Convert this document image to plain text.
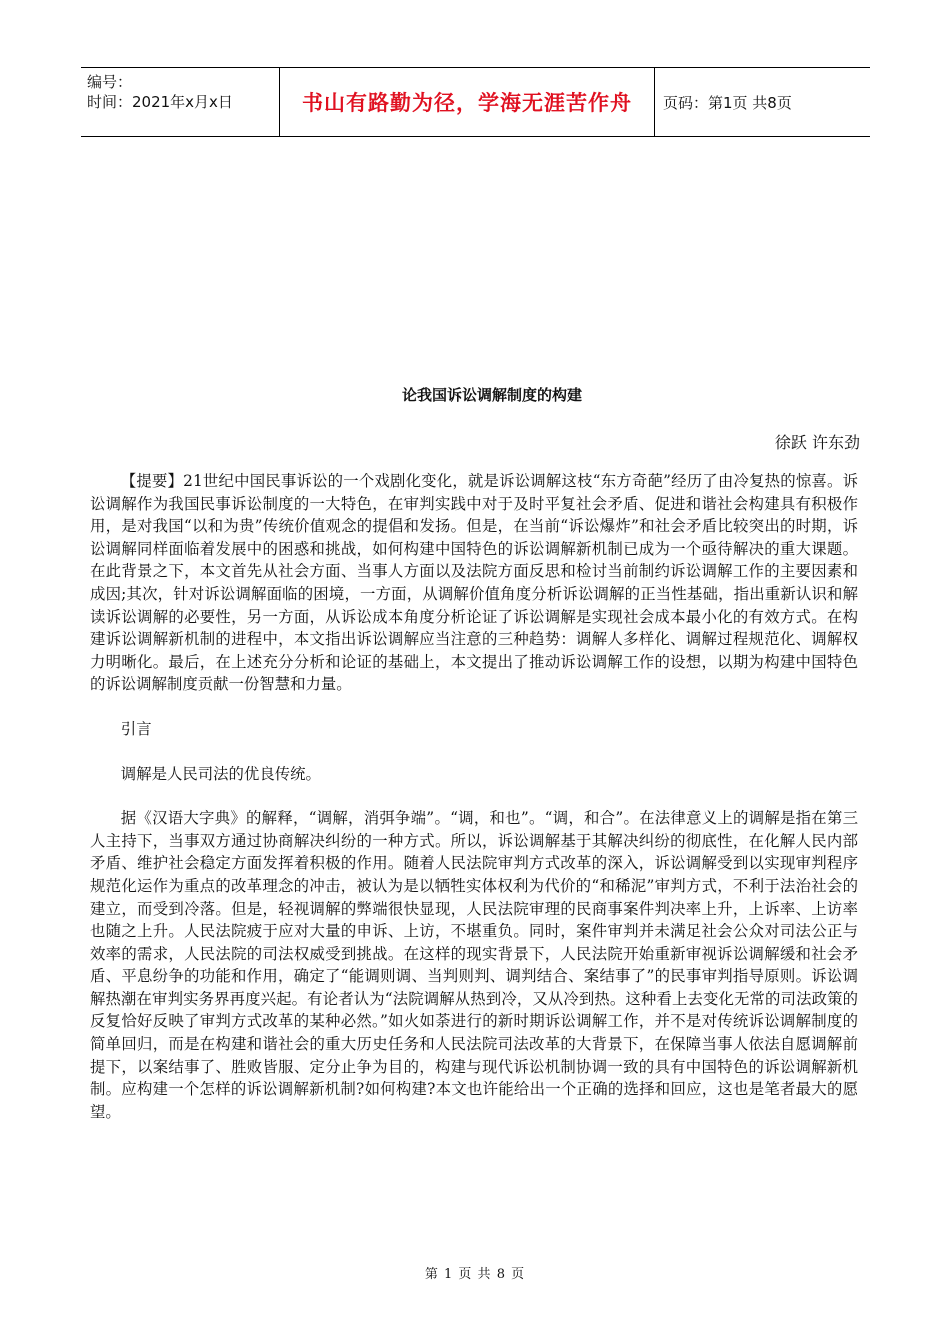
编号：
时间：2021年x月x日	书山有路勤为径，学海无涯苦作舟	页码：第1页 共8页
论我国诉讼调解制度的构建
徐跃 许东劲

【提要】21世纪中国民事诉讼的一个戏剧化变化，就是诉讼调解这枝“东方奇葩”经历了由冷复热的惊喜。诉讼调解作为我国民事诉讼制度的一大特色，在审判实践中对于及时平复社会矛盾、促进和谐社会构建具有积极作用，是对我国“以和为贵”传统价值观念的提倡和发扬。但是，在当前“诉讼爆炸”和社会矛盾比较突出的时期，诉讼调解同样面临着发展中的困惑和挑战，如何构建中国特色的诉讼调解新机制已成为一个亟待解决的重大课题。在此背景之下，本文首先从社会方面、当事人方面以及法院方面反思和检讨当前制约诉讼调解工作的主要因素和成因;其次，针对诉讼调解面临的困境，一方面，从调解价值角度分析诉讼调解的正当性基础，指出重新认识和解读诉讼调解的必要性，另一方面，从诉讼成本角度分析论证了诉讼调解是实现社会成本最小化的有效方式。在构建诉讼调解新机制的进程中，本文指出诉讼调解应当注意的三种趋势：调解人多样化、调解过程规范化、调解权力明晰化。最后，在上述充分分析和论证的基础上，本文提出了推动诉讼调解工作的设想，以期为构建中国特色的诉讼调解制度贡献一份智慧和力量。

引言

调解是人民司法的优良传统。

据《汉语大字典》的解释，“调解，消弭争端”。“调，和也”。“调，和合”。在法律意义上的调解是指在第三人主持下，当事双方通过协商解决纠纷的一种方式。所以，诉讼调解基于其解决纠纷的彻底性，在化解人民内部矛盾、维护社会稳定方面发挥着积极的作用。随着人民法院审判方式改革的深入，诉讼调解受到以实现审判程序规范化运作为重点的改革理念的冲击，被认为是以牺牲实体权利为代价的“和稀泥”审判方式，不利于法治社会的建立，而受到冷落。但是，轻视调解的弊端很快显现，人民法院审理的民商事案件判决率上升，上诉率、上访率也随之上升。人民法院疲于应对大量的申诉、上访，不堪重负。同时，案件审判并未满足社会公众对司法公正与效率的需求，人民法院的司法权威受到挑战。在这样的现实背景下，人民法院开始重新审视诉讼调解缓和社会矛盾、平息纷争的功能和作用，确定了“能调则调、当判则判、调判结合、案结事了”的民事审判指导原则。诉讼调解热潮在审判实务界再度兴起。有论者认为“法院调解从热到冷，又从冷到热。这种看上去变化无常的司法政策的反复恰好反映了审判方式改革的某种必然。”如火如荼进行的新时期诉讼调解工作，并不是对传统诉讼调解制度的简单回归，而是在构建和谐社会的重大历史任务和人民法院司法改革的大背景下，在保障当事人依法自愿调解前提下，以案结事了、胜败皆服、定分止争为目的，构建与现代诉讼机制协调一致的具有中国特色的诉讼调解新机制。应构建一个怎样的诉讼调解新机制?如何构建?本文也许能给出一个正确的选择和回应，这也是笔者最大的愿望。

第 1 页 共 8 页
